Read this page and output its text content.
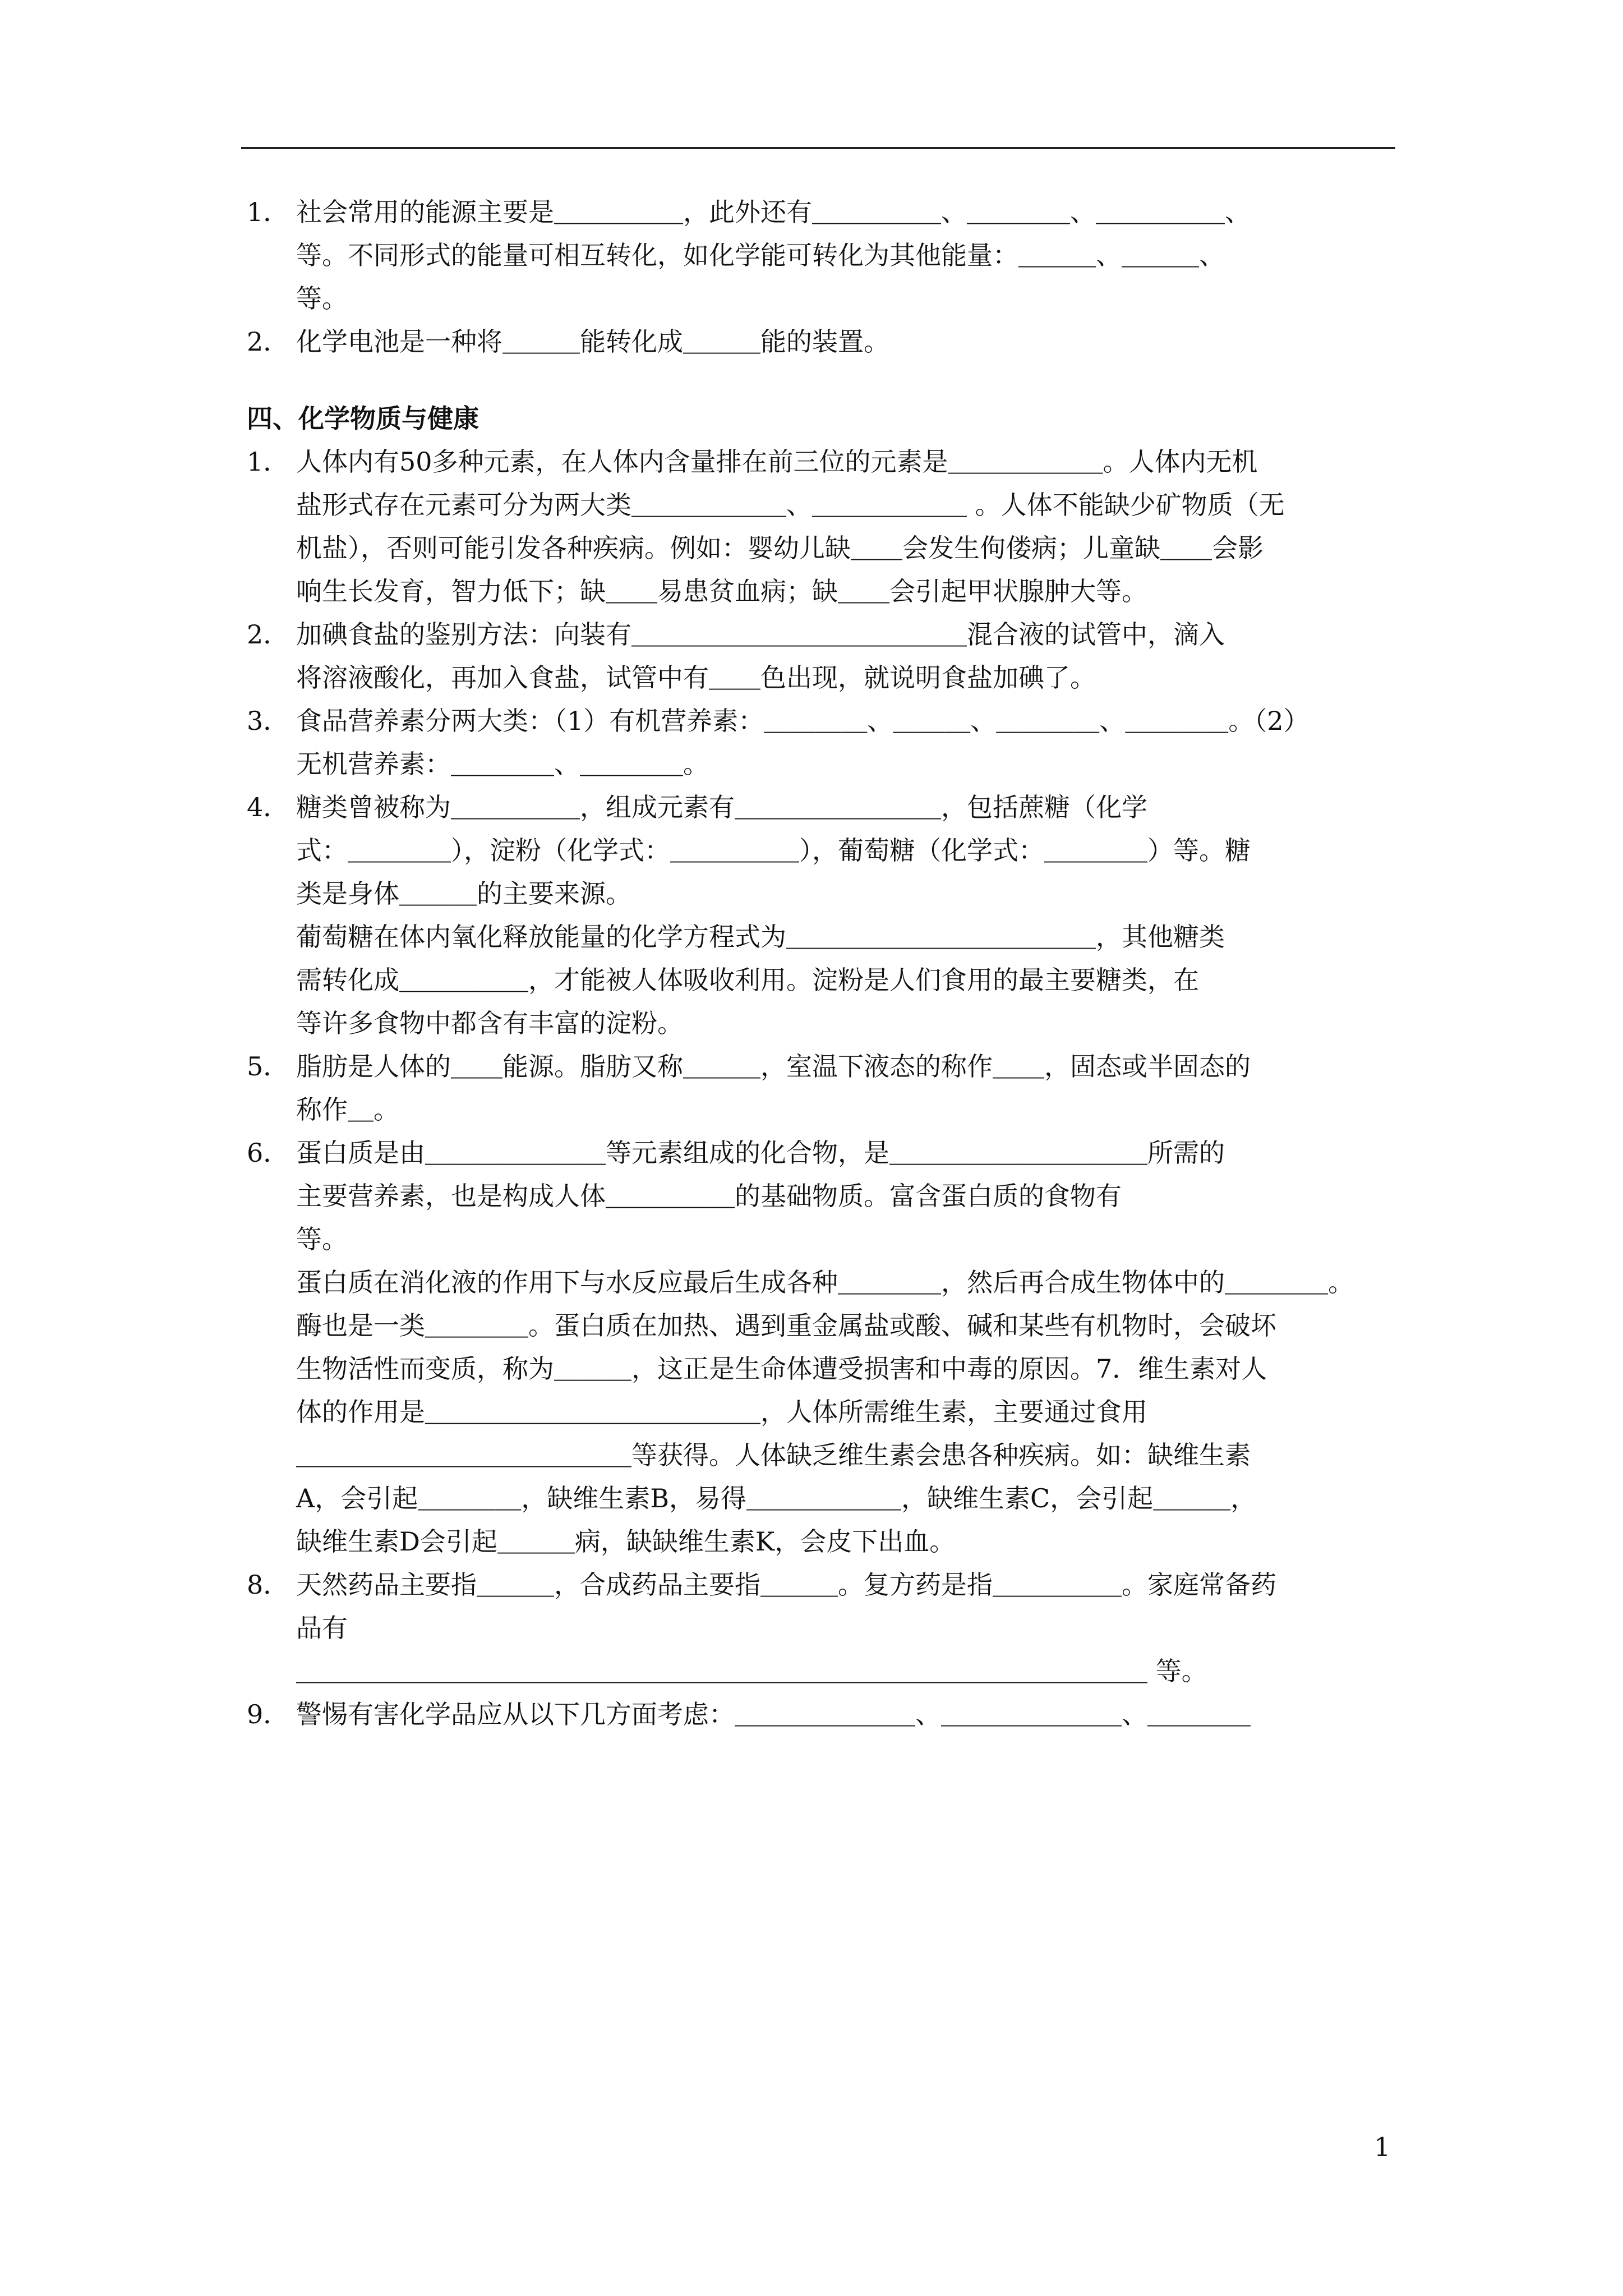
1． 社会常用的能源主要是＿＿＿＿＿，此外还有＿＿＿＿＿、＿＿＿＿、＿＿＿＿＿、

等。不同形式的能量可相互转化，如化学能可转化为其他能量：＿＿＿、＿＿＿、

等。

2． 化学电池是一种将＿＿＿能转化成＿＿＿能的装置。

四、化学物质与健康
1． 人体内有50多种元素，在人体内含量排在前三位的元素是＿＿＿＿＿＿。人体内无机

盐形式存在元素可分为两大类＿＿＿＿＿＿、＿＿＿＿＿＿ 。人体不能缺少矿物质（无

机盐），否则可能引发各种疾病。例如：婴幼儿缺＿＿会发生佝偻病；儿童缺＿＿会影

响生长发育，智力低下；缺＿＿易患贫血病；缺＿＿会引起甲状腺肿大等。

2． 加碘食盐的鉴别方法：向装有＿＿＿＿＿＿＿＿＿＿＿＿＿混合液的试管中，滴入

将溶液酸化，再加入食盐，试管中有＿＿色出现，就说明食盐加碘了。

3． 食品营养素分两大类：（1）有机营养素：＿＿＿＿、＿＿＿、＿＿＿＿、＿＿＿＿。（2）

无机营养素：＿＿＿＿、＿＿＿＿。

4． 糖类曾被称为＿＿＿＿＿，组成元素有＿＿＿＿＿＿＿＿，包括蔗糖（化学

式：＿＿＿＿），淀粉（化学式：＿＿＿＿＿），葡萄糖（化学式：＿＿＿＿）等。糖

类是身体＿＿＿的主要来源。

葡萄糖在体内氧化释放能量的化学方程式为＿＿＿＿＿＿＿＿＿＿＿＿，其他糖类

需转化成＿＿＿＿＿，才能被人体吸收利用。淀粉是人们食用的最主要糖类，在

等许多食物中都含有丰富的淀粉。

5． 脂肪是人体的＿＿能源。脂肪又称＿＿＿，室温下液态的称作＿＿，固态或半固态的

称作＿。

6． 蛋白质是由＿＿＿＿＿＿＿等元素组成的化合物，是＿＿＿＿＿＿＿＿＿＿所需的

主要营养素，也是构成人体＿＿＿＿＿的基础物质。富含蛋白质的食物有

等。

蛋白质在消化液的作用下与水反应最后生成各种＿＿＿＿，然后再合成生物体中的＿＿＿＿。

酶也是一类＿＿＿＿。蛋白质在加热、遇到重金属盐或酸、碱和某些有机物时，会破坏

生物活性而变质，称为＿＿＿，这正是生命体遭受损害和中毒的原因。7．维生素对人

体的作用是＿＿＿＿＿＿＿＿＿＿＿＿＿，人体所需维生素，主要通过食用

＿＿＿＿＿＿＿＿＿＿＿＿＿等获得。人体缺乏维生素会患各种疾病。如：缺维生素

A，会引起＿＿＿＿，缺维生素B，易得＿＿＿＿＿＿，缺维生素C，会引起＿＿＿，

缺维生素D会引起＿＿＿病，缺缺维生素K，会皮下出血。

8． 天然药品主要指＿＿＿，合成药品主要指＿＿＿。复方药是指＿＿＿＿＿。家庭常备药

品有

＿＿＿＿＿＿＿＿＿＿＿＿＿＿＿＿＿＿＿＿＿＿＿＿＿＿＿＿＿＿＿＿＿ 等。

9． 警惕有害化学品应从以下几方面考虑：＿＿＿＿＿＿＿、＿＿＿＿＿＿＿、＿＿＿＿

1
